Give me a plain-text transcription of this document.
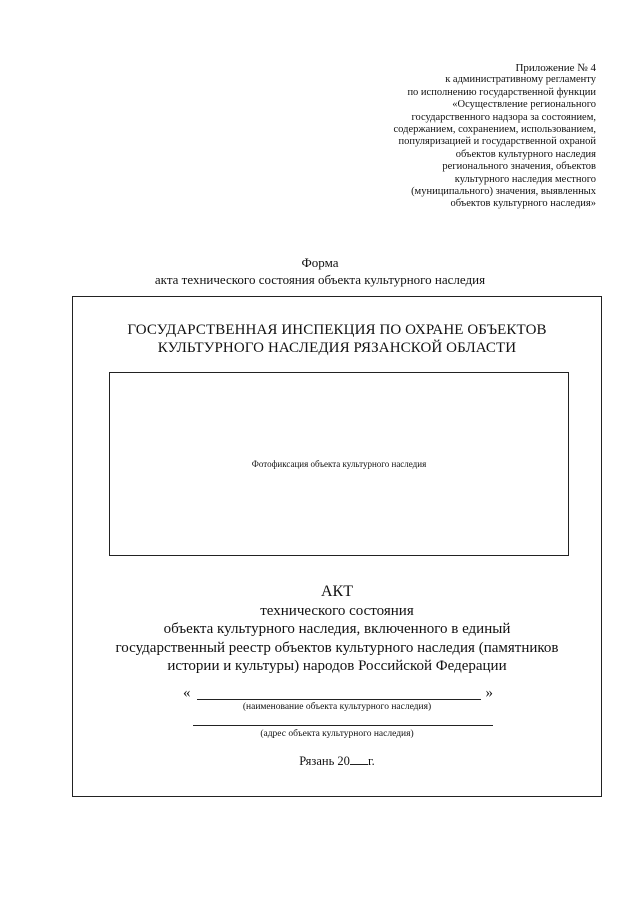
Приложение № 4
к административному регламенту
по исполнению государственной функции
«Осуществление регионального
государственного надзора за состоянием,
содержанием, сохранением, использованием,
популяризацией и государственной охраной
объектов культурного наследия
регионального значения, объектов
культурного наследия местного
(муниципального) значения, выявленных
объектов культурного наследия»
Форма
акта технического состояния объекта культурного наследия
ГОСУДАРСТВЕННАЯ ИНСПЕКЦИЯ ПО ОХРАНЕ ОБЪЕКТОВ
КУЛЬТУРНОГО НАСЛЕДИЯ РЯЗАНСКОЙ ОБЛАСТИ
Фотофиксация объекта культурного наследия
АКТ
технического состояния
объекта культурного наследия, включенного в единый
государственный реестр объектов культурного наследия (памятников
истории и культуры) народов Российской Федерации
«	»
(наименование объекта культурного наследия)
(адрес объекта культурного наследия)
Рязань 20 г.
